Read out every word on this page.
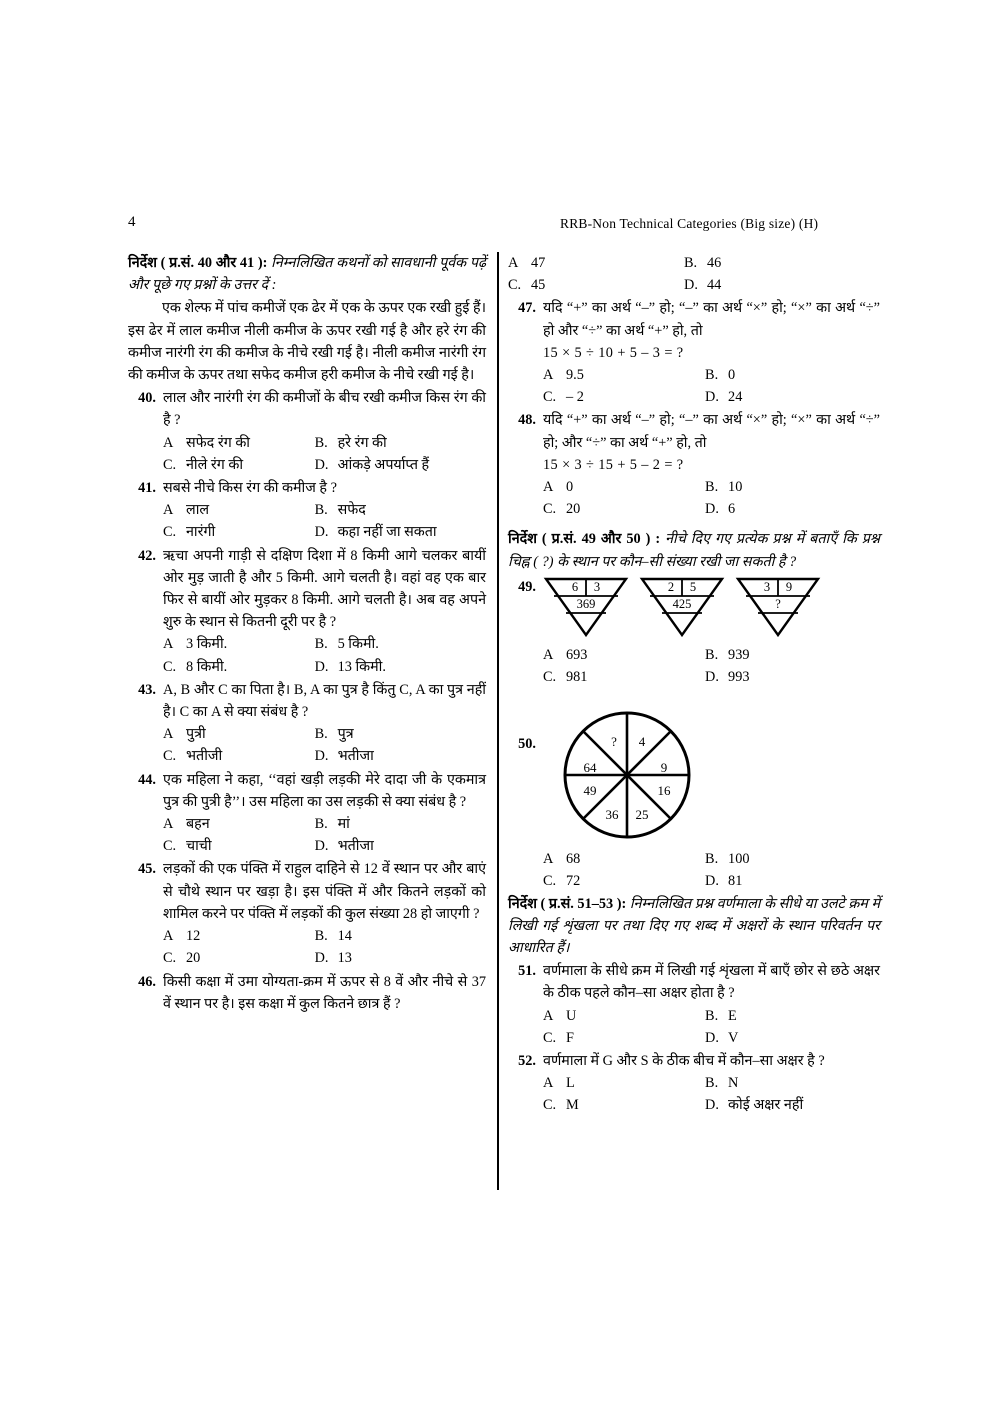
4	RRB-Non Technical Categories (Big size) (H)

निर्देश ( प्र.सं. 40 और 41 ): निम्नलिखित कथनों को सावधानी पूर्वक पढ़ें और पूछे गए प्रश्नों के उत्तर दें :

एक शेल्फ में पांच कमीजें एक ढेर में एक के ऊपर एक रखी हुई हैं। इस ढेर में लाल कमीज नीली कमीज के ऊपर रखी गई है और हरे रंग की कमीज नारंगी रंग की कमीज के नीचे रखी गई है। नीली कमीज नारंगी रंग की कमीज के ऊपर तथा सफेद कमीज हरी कमीज के नीचे रखी गई है।

40. लाल और नारंगी रंग की कमीजों के बीच रखी कमीज किस रंग की है ?

A सफेद रंग की	B. हरे रंग की
C. नीले रंग की	D. आंकड़े अपर्याप्त हैं
41. सबसे नीचे किस रंग की कमीज है ?

A लाल	B. सफेद
C. नारंगी	D. कहा नहीं जा सकता
42. ऋचा अपनी गाड़ी से दक्षिण दिशा में 8 किमी आगे चलकर बायीं ओर मुड़ जाती है और 5 किमी. आगे चलती है। वहां वह एक बार फिर से बायीं ओर मुड़कर 8 किमी. आगे चलती है। अब वह अपने शुरु के स्थान से कितनी दूरी पर है ?

A 3 किमी.	B. 5 किमी.
C. 8 किमी.	D. 13 किमी.
43. A, B और C का पिता है। B, A का पुत्र है किंतु C, A का पुत्र नहीं है। C का A से क्या संबंध है ?

A पुत्री	B. पुत्र
C. भतीजी	D. भतीजा
44. एक महिला ने कहा, ‘‘वहां खड़ी लड़की मेरे दादा जी के एकमात्र पुत्र की पुत्री है’’। उस महिला का उस लड़की से क्या संबंध है ?

A बहन	B. मां
C. चाची	D. भतीजा
45. लड़कों की एक पंक्ति में राहुल दाहिने से 12 वें स्थान पर और बाएं से चौथे स्थान पर खड़ा है। इस पंक्ति में और कितने लड़कों को शामिल करने पर पंक्ति में लड़कों की कुल संख्या 28 हो जाएगी ?

A 12	B. 14
C. 20	D. 13
46. किसी कक्षा में उमा योग्यता-क्रम में ऊपर से 8 वें और नीचे से 37 वें स्थान पर है। इस कक्षा में कुल कितने छात्र हैं ?

A 47	B. 46
C. 45	D. 44
47. यदि “+” का अर्थ “–” हो; “–” का अर्थ “×” हो; “×” का अर्थ “÷” हो और “÷” का अर्थ “+” हो, तो

15 × 5 ÷ 10 + 5 – 3 = ?

A 9.5	B. 0
C. – 2	D. 24
48. यदि “+” का अर्थ “–” हो; “–” का अर्थ “×” हो; “×” का अर्थ “÷” हो; और “÷” का अर्थ “+” हो, तो

15 × 3 ÷ 15 + 5 – 2 = ?

A 0	B. 10
C. 20	D. 6

निर्देश ( प्र.सं. 49 और 50 ) : नीचे दिए गए प्रत्येक प्रश्न में बताएँ कि प्रश्न चिह्न ( ?) के स्थान पर कौन–सी संख्या रखी जा सकती है ?

49.	6	3
369
2	5
425
3	9
?
A 693	B. 939
C. 981	D. 993
50.	?	4
9
16
25
36
49
64
A 68	B. 100
C. 72	D. 81

निर्देश ( प्र.सं. 51–53 ): निम्नलिखित प्रश्न वर्णमाला के सीधे या उलटे क्रम में लिखी गई शृंखला पर तथा दिए गए शब्द में अक्षरों के स्थान परिवर्तन पर आधारित हैं।

51. वर्णमाला के सीधे क्रम में लिखी गई शृंखला में बाएँ छोर से छठे अक्षर के ठीक पहले कौन–सा अक्षर होता है ?

A U	B. E
C. F	D. V
52. वर्णमाला में G और S के ठीक बीच में कौन–सा अक्षर है ?

A L	B. N
C. M	D. कोई अक्षर नहीं
